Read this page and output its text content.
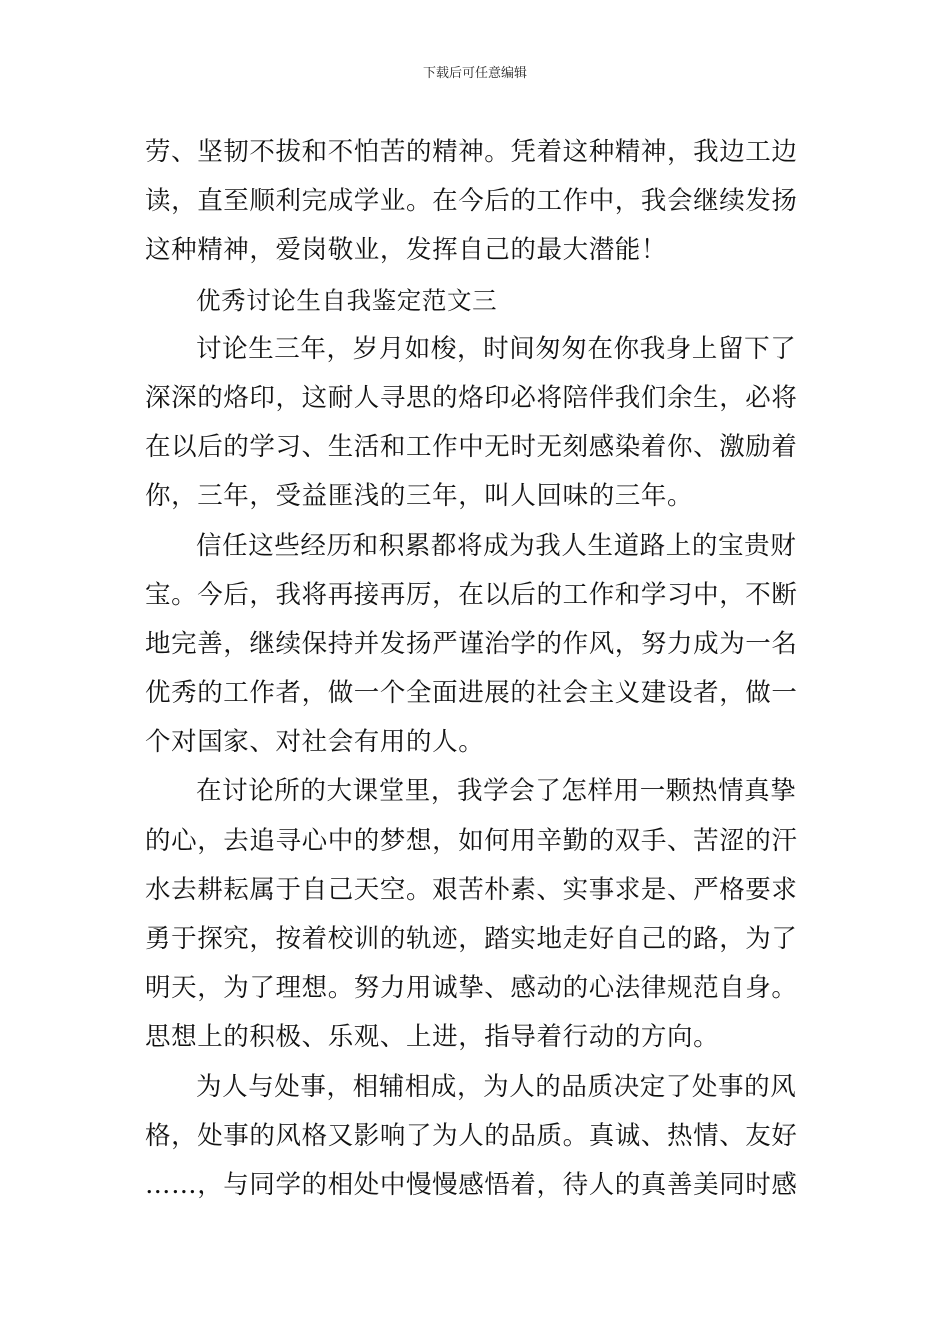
下载后可任意编辑
劳、坚韧不拔和不怕苦的精神。凭着这种精神，我边工边
读，直至顺利完成学业。在今后的工作中，我会继续发扬
这种精神，爱岗敬业，发挥自己的最大潜能！
优秀讨论生自我鉴定范文三
讨论生三年，岁月如梭，时间匆匆在你我身上留下了
深深的烙印，这耐人寻思的烙印必将陪伴我们余生，必将
在以后的学习、生活和工作中无时无刻感染着你、激励着
你，三年，受益匪浅的三年，叫人回味的三年。
信任这些经历和积累都将成为我人生道路上的宝贵财
宝。今后，我将再接再厉，在以后的工作和学习中，不断
地完善，继续保持并发扬严谨治学的作风，努力成为一名
优秀的工作者，做一个全面进展的社会主义建设者，做一
个对国家、对社会有用的人。
在讨论所的大课堂里，我学会了怎样用一颗热情真挚
的心，去追寻心中的梦想，如何用辛勤的双手、苦涩的汗
水去耕耘属于自己天空。艰苦朴素、实事求是、严格要求
勇于探究，按着校训的轨迹，踏实地走好自己的路，为了
明天，为了理想。努力用诚挚、感动的心法律规范自身。
思想上的积极、乐观、上进，指导着行动的方向。
为人与处事，相辅相成，为人的品质决定了处事的风
格，处事的风格又影响了为人的品质。真诚、热情、友好
……，与同学的相处中慢慢感悟着，待人的真善美同时感
